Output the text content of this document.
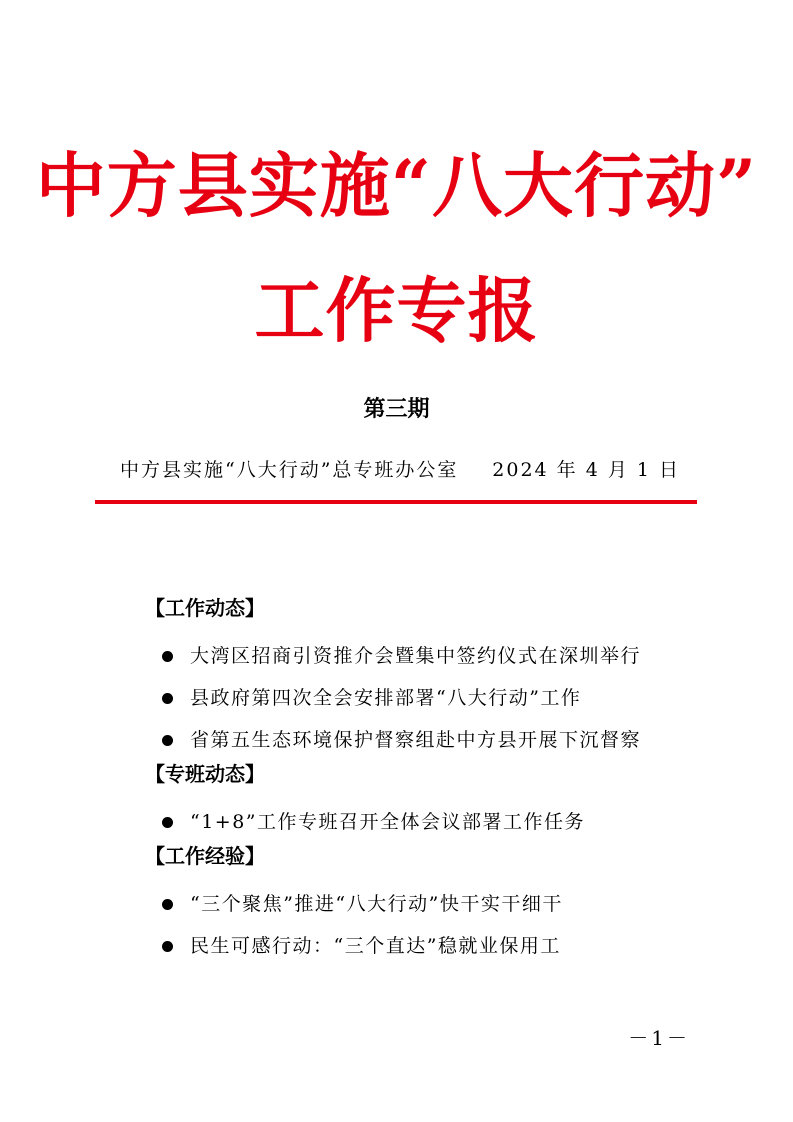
中方县实施“八大行动”
工作专报
第三期
中方县实施“八大行动”总专班办公室 2024 年 4 月 1 日
【工作动态】
大湾区招商引资推介会暨集中签约仪式在深圳举行
县政府第四次全会安排部署“八大行动”工作
省第五生态环境保护督察组赴中方县开展下沉督察
【专班动态】
“1+8”工作专班召开全体会议部署工作任务
【工作经验】
“三个聚焦”推进“八大行动”快干实干细干
民生可感行动：“三个直达”稳就业保用工
－1－
